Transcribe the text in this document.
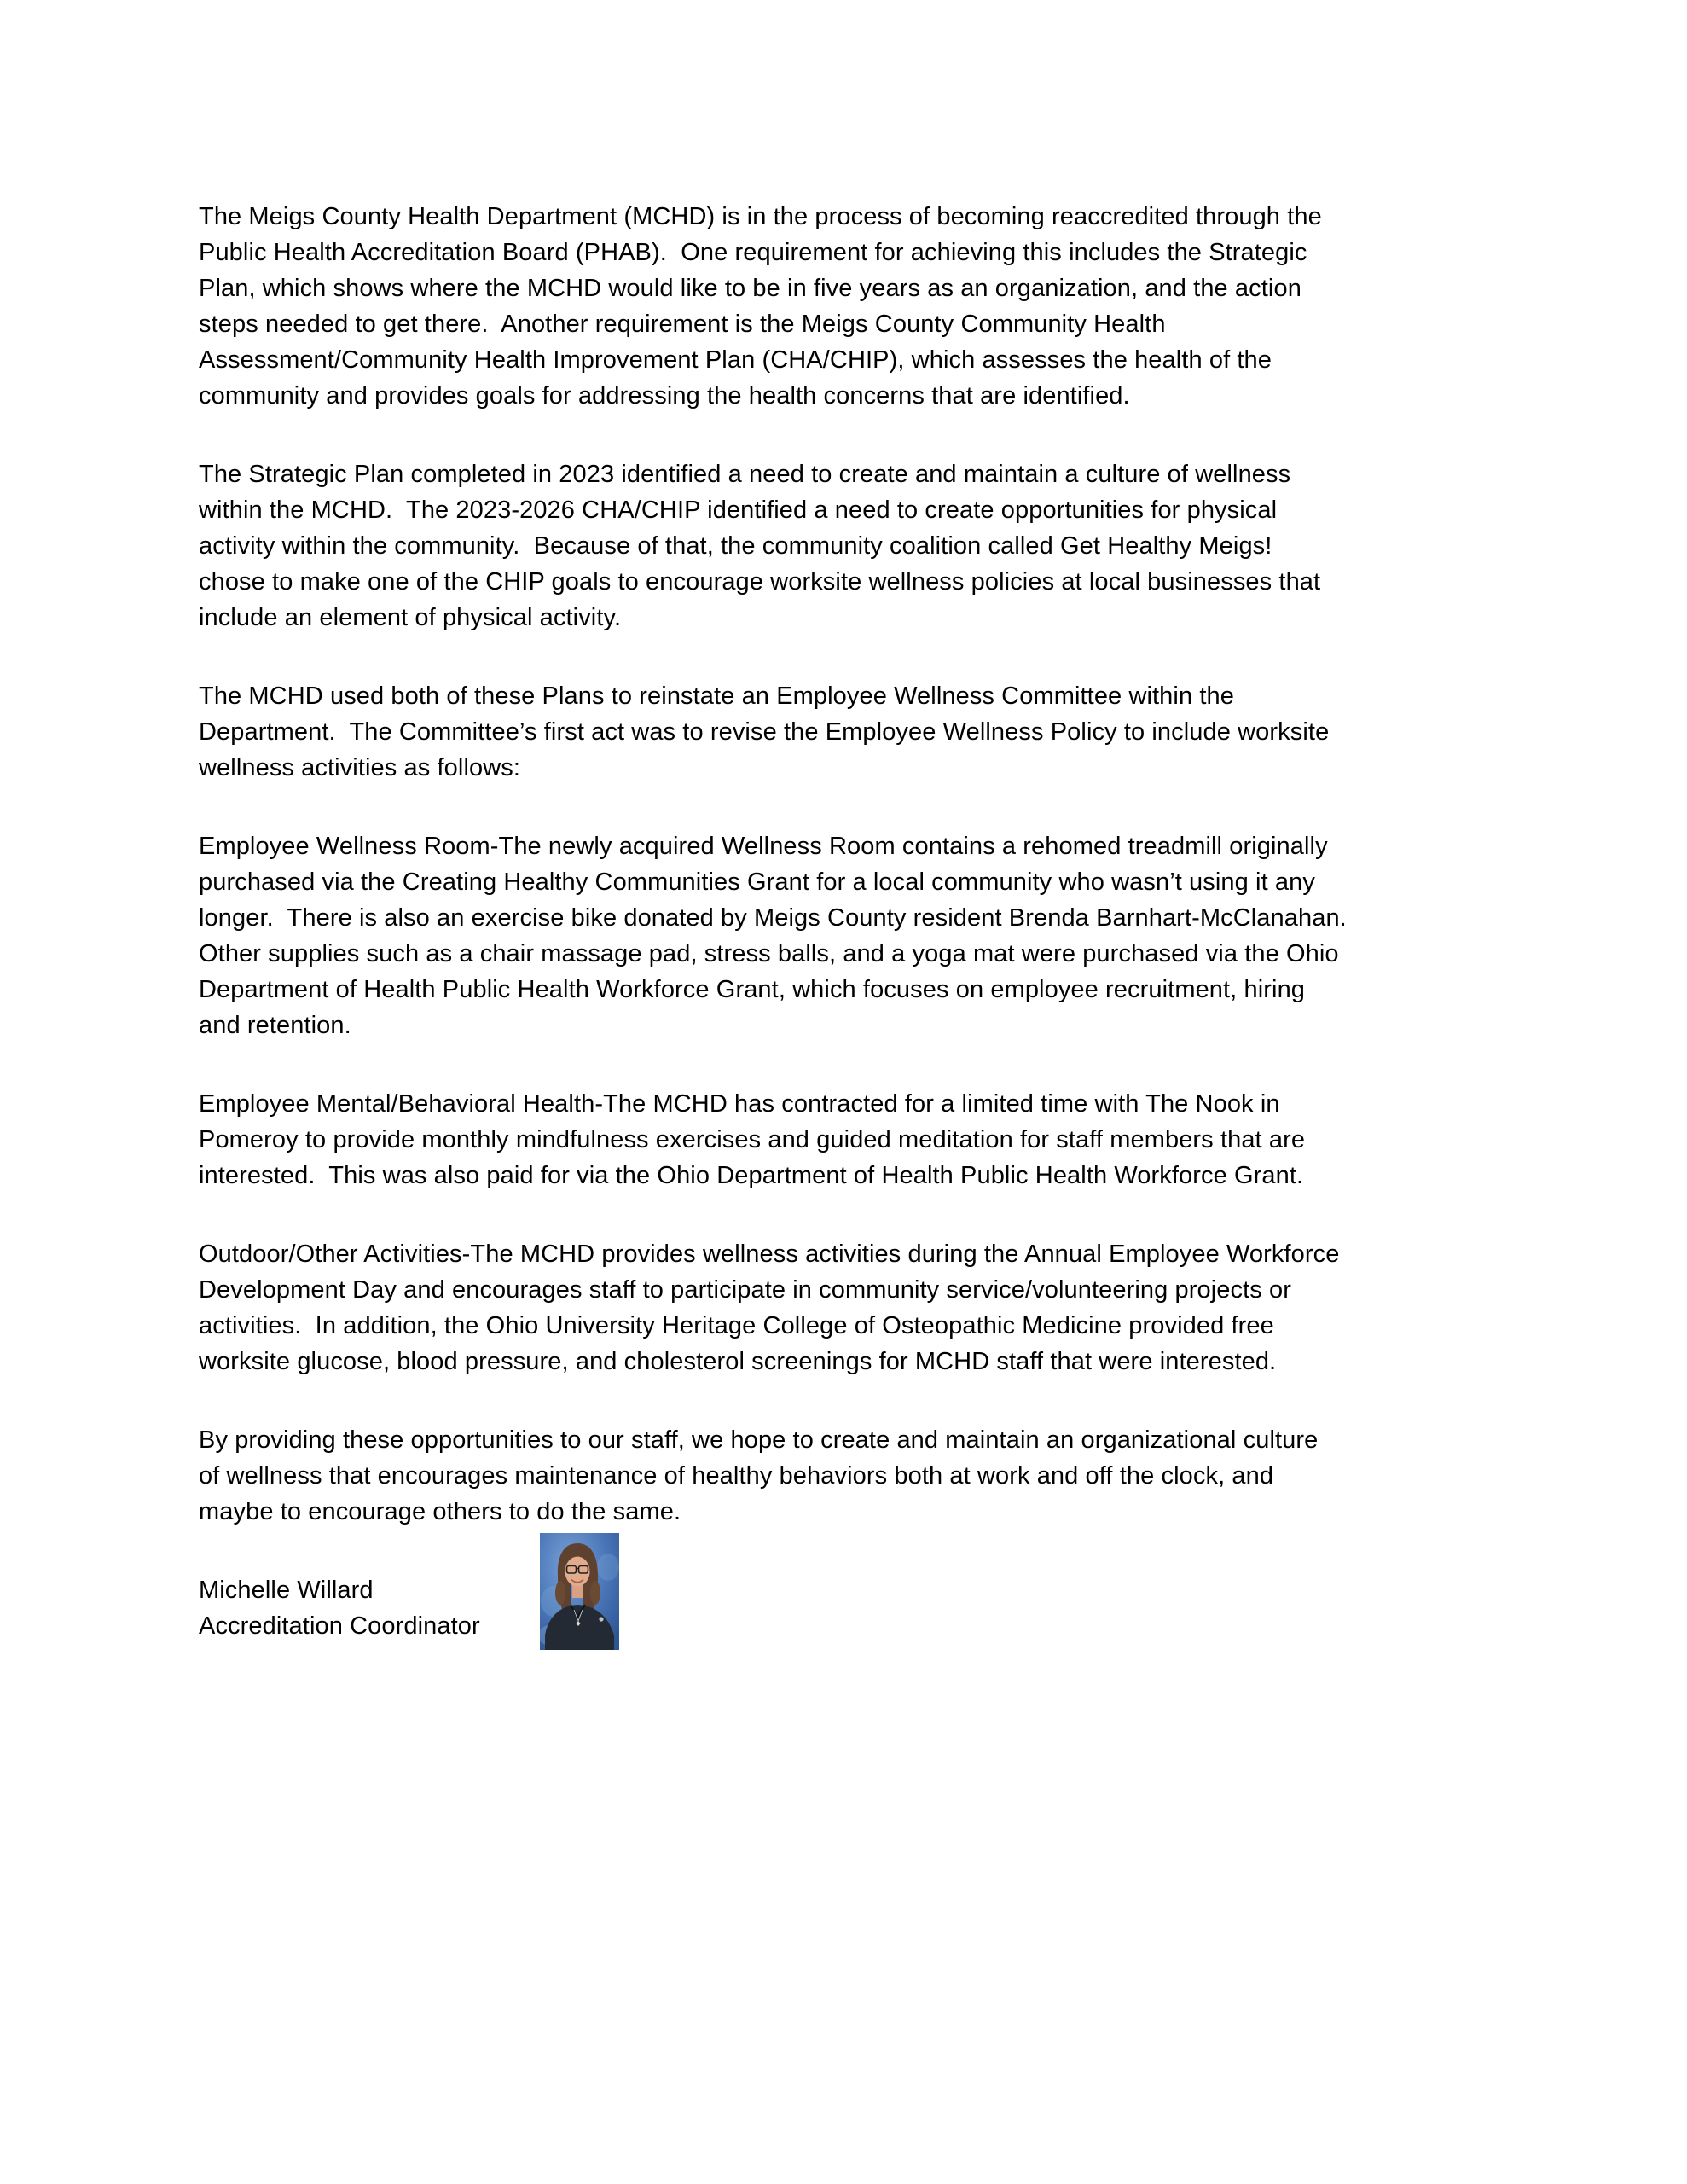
The Meigs County Health Department (MCHD) is in the process of becoming reaccredited through the
Public Health Accreditation Board (PHAB).  One requirement for achieving this includes the Strategic
Plan, which shows where the MCHD would like to be in five years as an organization, and the action
steps needed to get there.  Another requirement is the Meigs County Community Health
Assessment/Community Health Improvement Plan (CHA/CHIP), which assesses the health of the
community and provides goals for addressing the health concerns that are identified.
The Strategic Plan completed in 2023 identified a need to create and maintain a culture of wellness
within the MCHD.  The 2023-2026 CHA/CHIP identified a need to create opportunities for physical
activity within the community.  Because of that, the community coalition called Get Healthy Meigs!
chose to make one of the CHIP goals to encourage worksite wellness policies at local businesses that
include an element of physical activity.
The MCHD used both of these Plans to reinstate an Employee Wellness Committee within the
Department.  The Committee’s first act was to revise the Employee Wellness Policy to include worksite
wellness activities as follows:
Employee Wellness Room-The newly acquired Wellness Room contains a rehomed treadmill originally
purchased via the Creating Healthy Communities Grant for a local community who wasn’t using it any
longer.  There is also an exercise bike donated by Meigs County resident Brenda Barnhart-McClanahan.
Other supplies such as a chair massage pad, stress balls, and a yoga mat were purchased via the Ohio
Department of Health Public Health Workforce Grant, which focuses on employee recruitment, hiring
and retention.
Employee Mental/Behavioral Health-The MCHD has contracted for a limited time with The Nook in
Pomeroy to provide monthly mindfulness exercises and guided meditation for staff members that are
interested.  This was also paid for via the Ohio Department of Health Public Health Workforce Grant.
Outdoor/Other Activities-The MCHD provides wellness activities during the Annual Employee Workforce
Development Day and encourages staff to participate in community service/volunteering projects or
activities.  In addition, the Ohio University Heritage College of Osteopathic Medicine provided free
worksite glucose, blood pressure, and cholesterol screenings for MCHD staff that were interested.
By providing these opportunities to our staff, we hope to create and maintain an organizational culture
of wellness that encourages maintenance of healthy behaviors both at work and off the clock, and
maybe to encourage others to do the same.
Michelle Willard
Accreditation Coordinator
